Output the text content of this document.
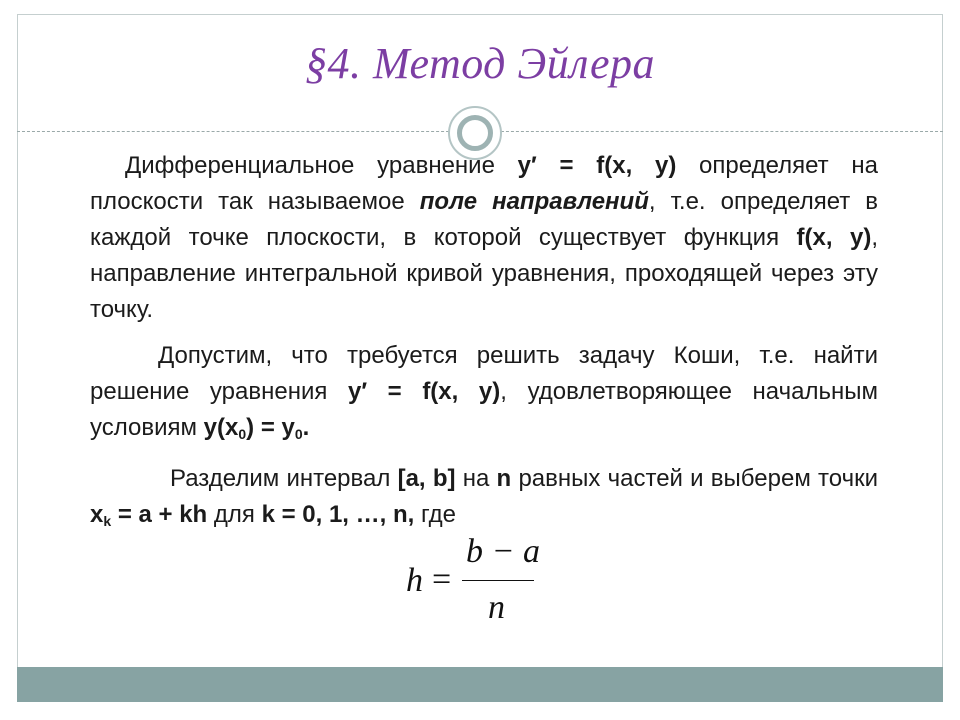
§4. Метод Эйлера

Дифференциальное уравнение y′ = f(x, y) определяет на плоскости так называемое поле направлений, т.е. определяет в каждой точке плоскости, в которой существует функция f(x, y), направление интегральной кривой уравнения, проходящей через эту точку.

Допустим, что требуется решить задачу Коши, т.е. найти решение уравнения y′ = f(x, y), удовлетворяющее начальным условиям $y(x_0) = y_0$.

Разделим интервал [a, b] на n равных частей и выберем точки $x_k = a$ + kh для k = 0, 1, …, n, где

h =
b − a
n
